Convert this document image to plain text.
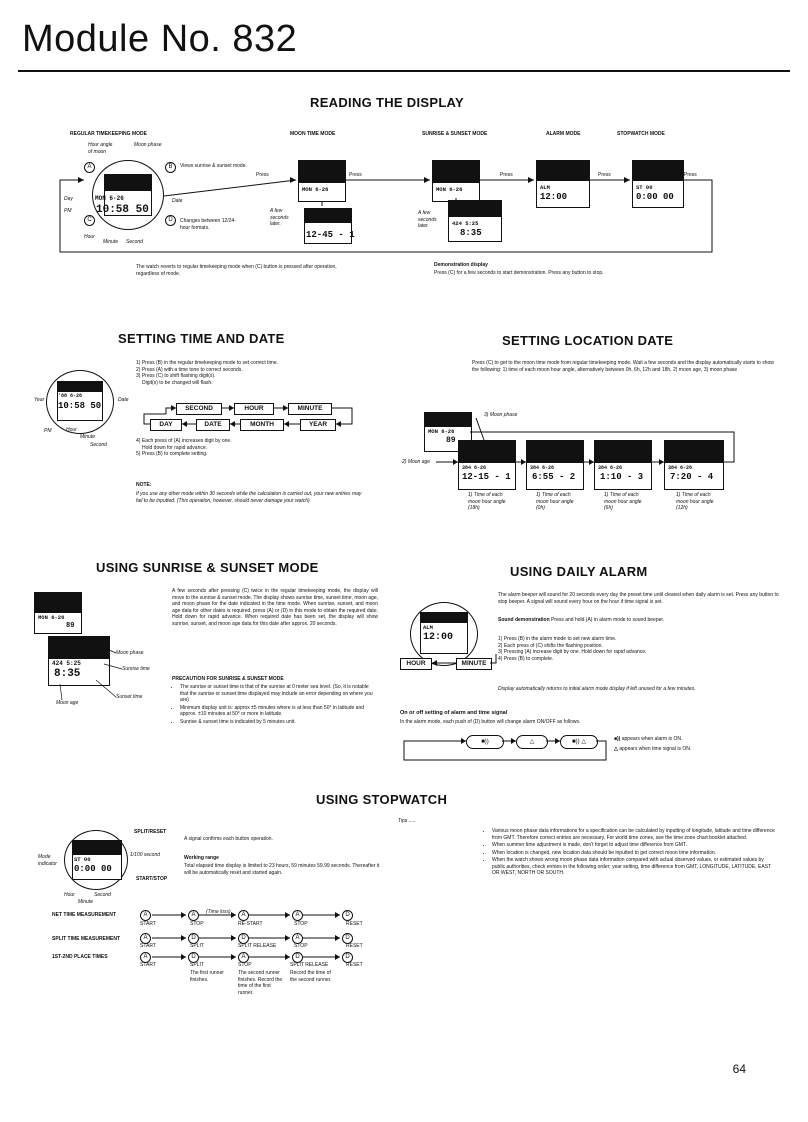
Module No. 832
READING THE DISPLAY
REGULAR TIMEKEEPING MODE	MOON TIME MODE	SUNRISE & SUNSET MODE	ALARM MODE	STOPWATCH MODE
Hour angle of moon
Moon phase
MON 6-26
10:58 50
A	B
C	D
Views sunrise & sunset mode.
Day
PM
Date
Changes between 12/24-hour formats.
Hour
Minute Second
Press
MON 6-26
Press
A few seconds later.
12-45 - 1
Press
MON 6-26
A few seconds later.	424 5:25
8:35
ALM
12:00
Press
ST 00
0:00 00
Press
The watch reverts to regular timekeeping mode when (C) button is pressed after operation, regardless of mode.
Demonstration display
Press (C) for a few seconds to start demonstration. Press any button to stop.
SETTING TIME AND DATE
'88 6-26
10:58 50
Year	Date
PM	Hour
Minute
Second
1) Press (B) in the regular timekeeping mode to set correct time.
2) Press (A) with a time tone to correct seconds.
3) Press (C) to shift flashing digit(s).
Digit(s) to be changed will flash.
SECOND	HOUR	MINUTE
DAY	DATE	MONTH	YEAR
4) Each press of (A) increases digit by one.
Hold down for rapid advance.
5) Press (B) to complete setting.
NOTE:
If you use any other mode within 30 seconds while the calculation is carried out, your new entries may fail to be inputted. (This operation, however, should never damage your watch)
SETTING LOCATION DATE
Press (C) to get to the moon time mode from regular timekeeping mode. Wait a few seconds and the display automatically starts to show the following: 1) time of each moon hour angle, alternatively between 0h, 6h, 12h and 18h, 2) moon age, 3) moon phase
3) Moon phase
2) Moon age
MON 6-26
89
384 6-26
12-15 - 1
384 6-26
6:55 - 2
384 6-26
1:10 - 3
384 6-26
7:20 - 4
1) Time of each moon hour angle (18h)
1) Time of each moon hour angle (0h)
1) Time of each moon hour angle (6h)
1) Time of each moon hour angle (12h)
USING SUNRISE & SUNSET MODE
MON 6-26
89
424 5:25
8:35
Moon phase
Sunrise time
Sunset time
Moon age
A few seconds after pressing (C) twice in the regular timekeeping mode, the display will move to the sunrise & sunset mode. The display shows sunrise time, sunset time, moon age, and moon phase for the date indicated in the time mode. When sunrise, sunset, and moon age data for other dates is required, press (A) or (D) in this mode to obtain the required date. Hold down for rapid advance. When required date has been set, the display will show sunrise, sunset, and moon age data for this date after approx. 20 seconds.
PRECAUTION FOR SUNRISE & SUNSET MODE
• The sunrise or sunset time is that of the sunrise at 0 meter sea level. (So, it is notable that the sunrise or sunset time displayed may include an error depending on where you are)
• Minimum display unit is: approx ±5 minutes where is at less than 50° in latitude and approx. ±10 minutes at 50° or more in latitude.
• Sunrise & sunset time is indicated by 5 minutes unit.
USING DAILY ALARM
ALM
12:00
HOUR	MINUTE
The alarm beeper will sound for 20 seconds every day the preset time until cleared when daily alarm is set. Press any button to stop beeper. A signal will sound every hour on the hour if time signal is set.
Sound demonstration Press and hold (A) in alarm mode to sound beeper.
1) Press (B) in the alarm mode to set new alarm time.
2) Each press of (C) shifts the flashing position.
3) Pressing (A) increase digit by one. Hold down for rapid advance.
4) Press (B) to complete.
Display automatically returns to initial alarm mode display if left unused for a few minutes.
On or off setting of alarm and time signal
In the alarm mode, each push of (D) button will change alarm ON/OFF as follows.
■))	△	■)) △	■)) appears when alarm is ON.
△ appears when time signal is ON.
USING STOPWATCH
Tips .....
ST 00
0:00 00
SPLIT/RESET
START/STOP
Mode indicator
1/100 second
Hour	Second
Minute
A signal confirms each button operation.
Working range
Total elapsed time display is limited to 23 hours, 59 minutes 59.99 seconds. Thereafter it will be automatically reset and started again.
NET TIME MEASUREMENT
SPLIT TIME MEASUREMENT
1ST-2ND PLACE TIMES
A	A	A	A	D
(Time loss)
START	STOP	RE-START	STOP	RESET
A	D	D	A	D
START	SPLIT	SPLIT RELEASE	STOP	RESET
A	D	A	D	D
START	SPLIT	STOP	SPLIT RELEASE	RESET
The first runner finishes.
The second runner finishes. Record the time of the first runner.
Record the time of the second runner.
• Various moon phase data informations for a specification can be calculated by inputting of longitude, latitude and time difference from GMT. Therefore correct entries are necessary. For world time zones, see the time zone chart booklet attached.
• When summer time adjustment is made, don't forget to adjust time difference from GMT.
• When location is changed, new location data should be inputted to get correct moon time information.
• When the watch shows wrong moon phase data information compared with actual observed values, or estimated values by public authorities, check entries in the following order; year setting, time difference from GMT, LONGITUDE, LATITUDE, EAST OR WEST, NORTH OR SOUTH.
64
